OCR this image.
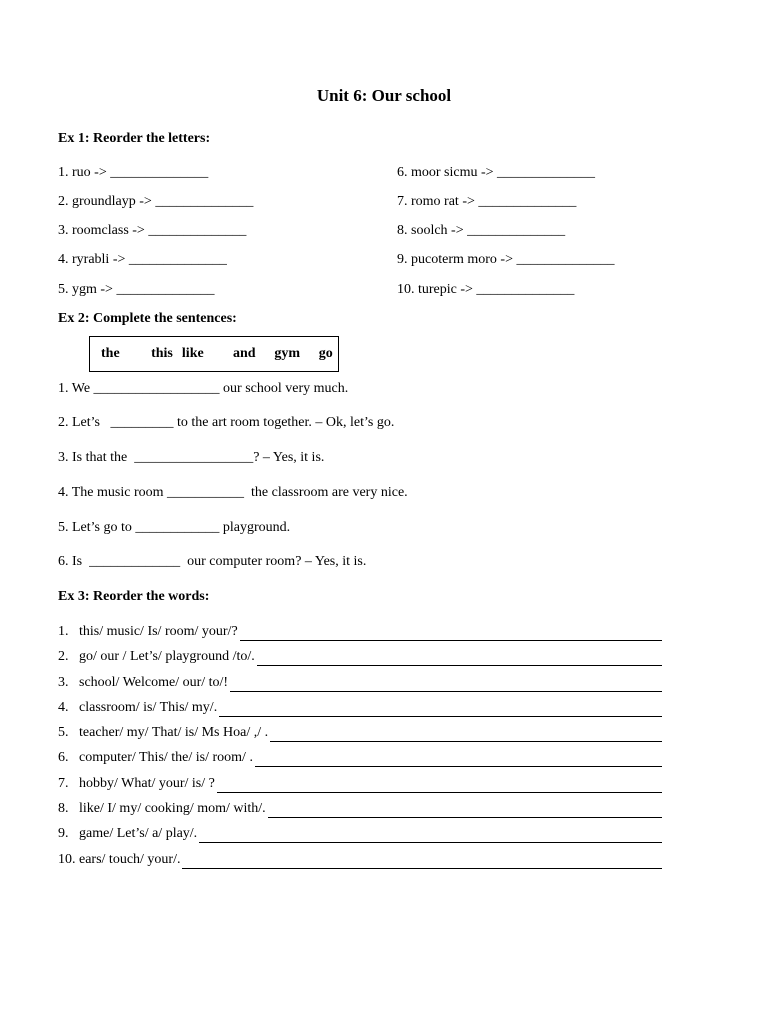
Unit 6: Our school
Ex 1: Reorder the letters:
1. ruo -> ______________
2. groundlayp -> ______________
3. roomclass -> ______________
4. ryrabli -> ______________
5. ygm -> ______________
6. moor sicmu -> ______________
7. romo rat -> ______________
8. soolch -> ______________
9. pucoterm moro -> ______________
10. turepic -> ______________
Ex 2: Complete the sentences:
the	this like	and	gym	go
1. We __________________ our school very much.
2. Let’s   _________ to the art room together. – Ok, let’s go.
3. Is that the  _________________? – Yes, it is.
4. The music room ___________  the classroom are very nice.
5. Let’s go to ____________ playground.
6. Is  _____________  our computer room? – Yes, it is.
Ex 3: Reorder the words:
1. this/ music/ Is/ room/ your/?
2. go/ our / Let’s/ playground /to/.
3. school/ Welcome/ our/ to/!
4. classroom/ is/ This/ my/.
5. teacher/ my/ That/ is/ Ms Hoa/ ,/ .
6. computer/ This/ the/ is/ room/ .
7. hobby/ What/ your/ is/ ?
8. like/ I/ my/ cooking/ mom/ with/.
9. game/ Let’s/ a/ play/.
10. ears/ touch/ your/.
